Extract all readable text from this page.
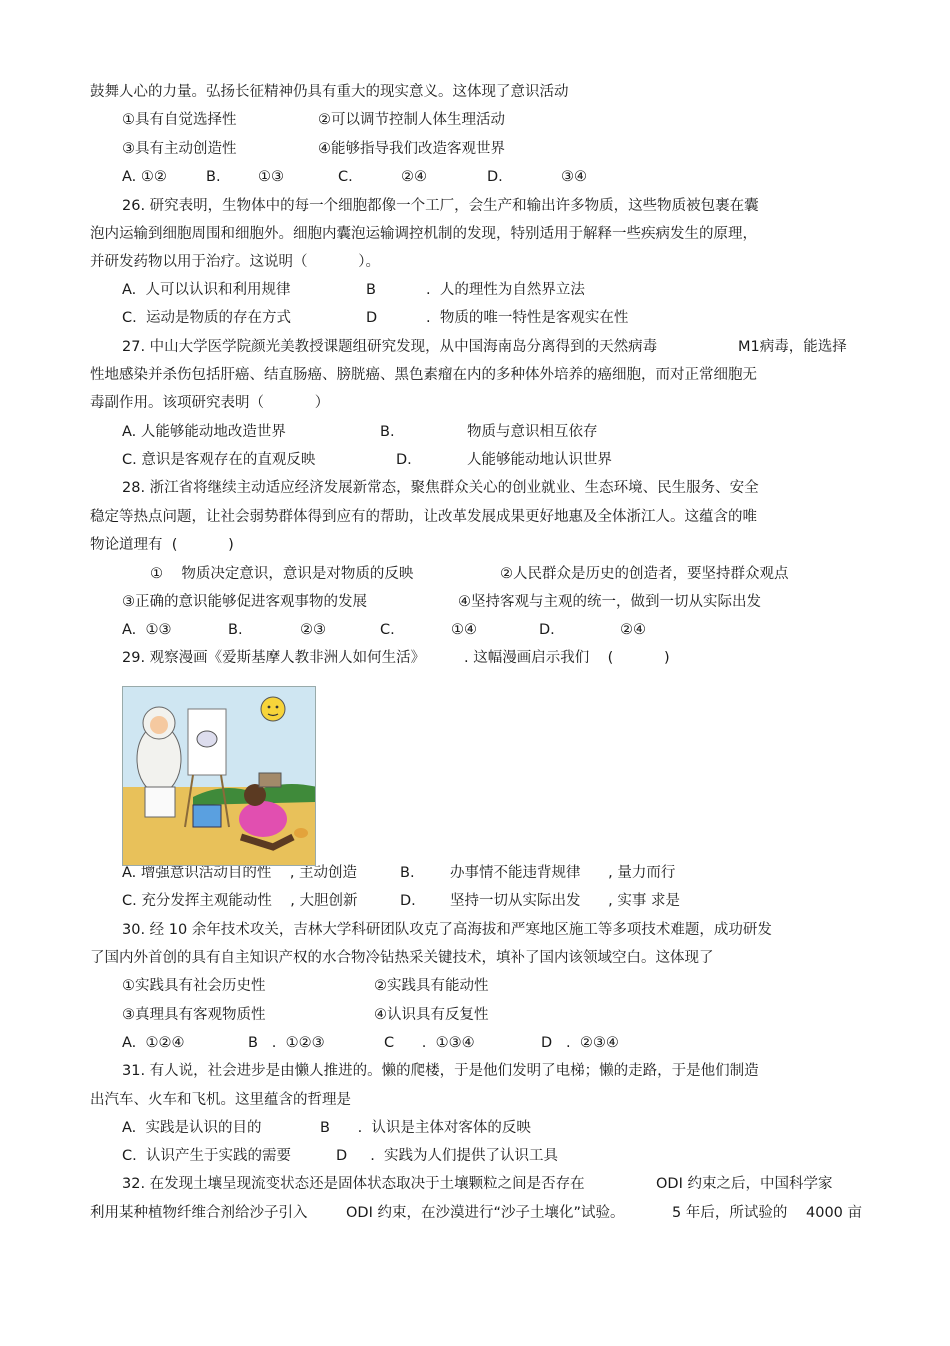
鼓舞人心的力量。弘扬长征精神仍具有重大的现实意义。这体现了意识活动
①具有自觉选择性	②可以调节控制人体生理活动
③具有主动创造性	④能够指导我们改造客观世界
A. ①②	B.	①③	C.	②④	D.	③④
26. 研究表明，生物体中的每一个细胞都像一个工厂，会生产和输出许多物质，这些物质被包裹在囊
泡内运输到细胞周围和细胞外。细胞内囊泡运输调控机制的发现，特别适用于解释一些疾病发生的原理，
并研发药物以用于治疗。这说明（           ）。
A.  人可以认识和利用规律	B	.  人的理性为自然界立法
C.  运动是物质的存在方式	D	.  物质的唯一特性是客观实在性
27. 中山大学医学院颜光美教授课题组研究发现，从中国海南岛分离得到的天然病毒	M1病毒，能选择
性地感染并杀伤包括肝癌、结直肠癌、膀胱癌、黑色素瘤在内的多种体外培养的癌细胞，而对正常细胞无
毒副作用。该项研究表明（           ）
A. 人能够能动地改造世界	B.	物质与意识相互依存
C. 意识是客观存在的直观反映	D.	人能够能动地认识世界
28. 浙江省将继续主动适应经济发展新常态，聚焦群众关心的创业就业、生态环境、民生服务、安全
稳定等热点问题，让社会弱势群体得到应有的帮助，让改革发展成果更好地惠及全体浙江人。这蕴含的唯
物论道理有  (           )
①    物质决定意识，意识是对物质的反映	②人民群众是历史的创造者，要坚持群众观点
③正确的意识能够促进客观事物的发展	④坚持客观与主观的统一，做到一切从实际出发
A.  ①③	B.	②③	C.	①④	D.	②④
29. 观察漫画《爱斯基摩人教非洲人如何生活》	. 这幅漫画启示我们    (           )
A. 增强意识活动目的性    , 主动创造	B. 办事情不能违背规律      , 量力而行
C. 充分发挥主观能动性    , 大胆创新	D. 坚持一切从实际出发      , 实事 求是
30. 经 10 余年技术攻关，吉林大学科研团队攻克了高海拔和严寒地区施工等多项技术难题，成功研发
了国内外首创的具有自主知识产权的水合物冷钻热采关键技术，填补了国内该领域空白。这体现了
①实践具有社会历史性	②实践具有能动性
③真理具有客观物质性	④认识具有反复性
A.  ①②④	B   .  ①②③	C      .  ①③④	D   .  ②③④
31. 有人说，社会进步是由懒人推进的。懒的爬楼，于是他们发明了电梯；懒的走路，于是他们制造
出汽车、火车和飞机。这里蕴含的哲理是
A.  实践是认识的目的	B      .  认识是主体对客体的反映
C.  认识产生于实践的需要	D     .  实践为人们提供了认识工具
32. 在发现土壤呈现流变状态还是固体状态取决于土壤颗粒之间是否存在	ODI 约束之后，中国科学家
利用某种植物纤维合剂给沙子引入	ODI 约束，在沙漠进行“沙子土壤化”试验。	5 年后，所试验的 4000 亩
